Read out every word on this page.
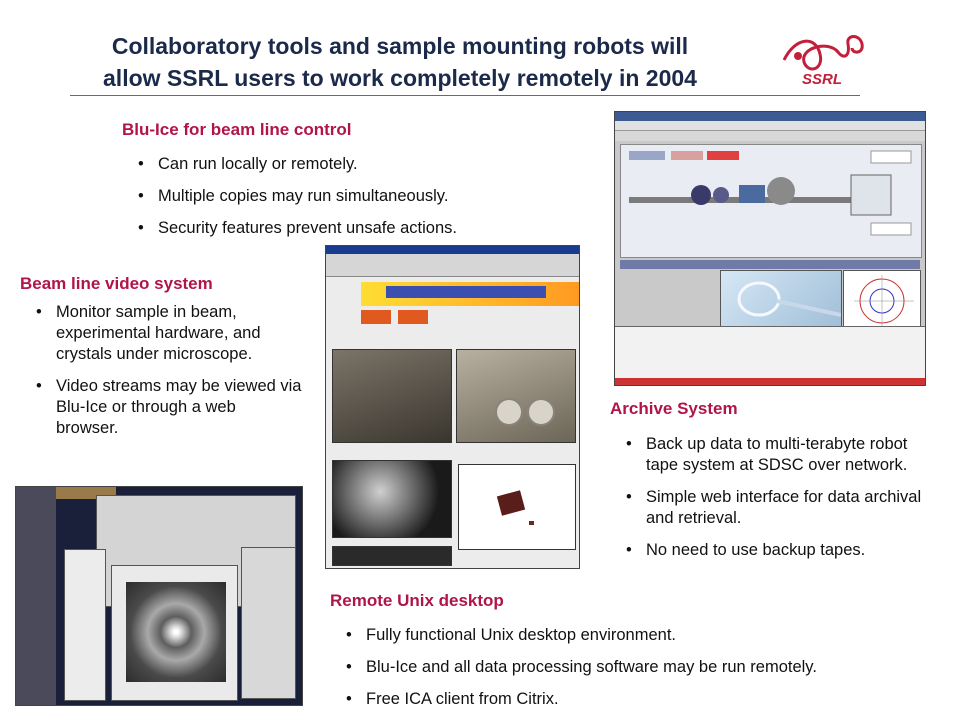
Collaboratory tools and sample mounting robots will
allow SSRL users to work completely remotely in 2004	SSRL
Blu-Ice for beam line control
• Can run locally or remotely.
• Multiple copies may run simultaneously.
• Security features prevent unsafe actions.
Beam line video system
• Monitor sample in beam, experimental hardware, and crystals under microscope.
• Video streams may be viewed via Blu-Ice or through a web browser.
Archive System
• Back up data to multi-terabyte robot tape system at SDSC over network.
• Simple web interface for data archival and retrieval.
• No need to use backup tapes.
Remote Unix desktop
• Fully functional Unix desktop environment.
• Blu-Ice and all data processing software may be run remotely.
• Free ICA client from Citrix.
